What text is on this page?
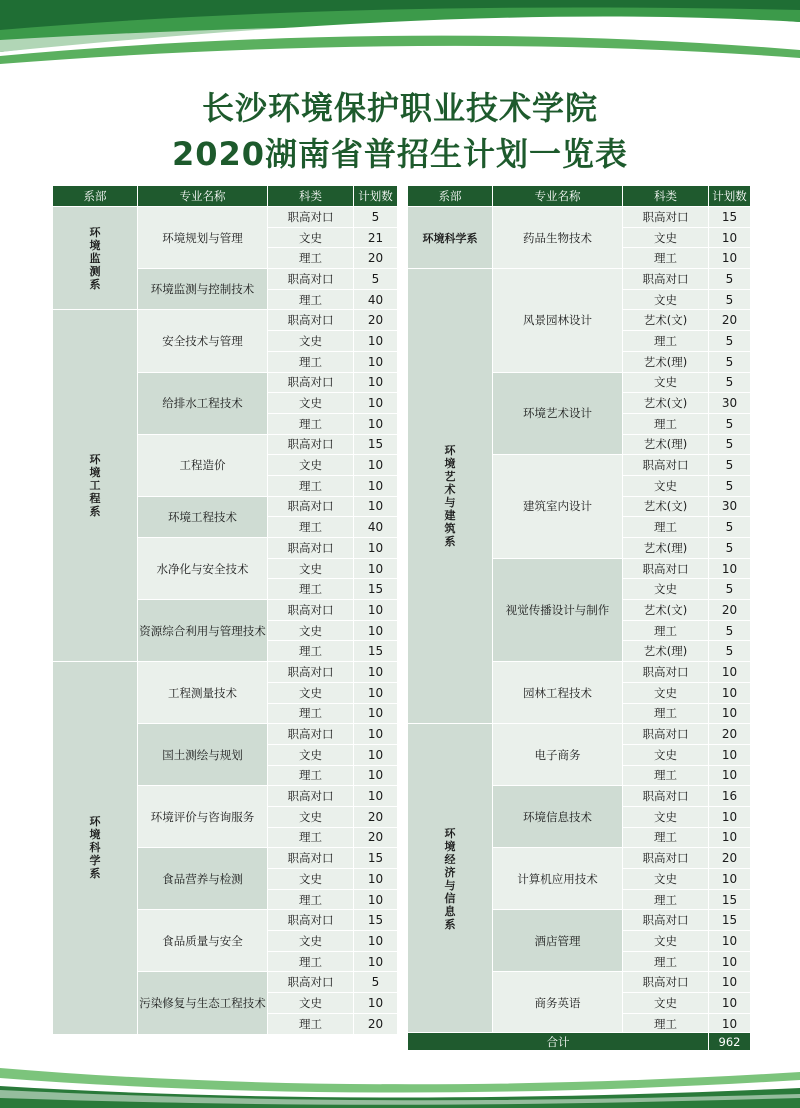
长沙环境保护职业技术学院
2020湖南省普招生计划一览表
系部	专业名称	科类	计划数
环境监测系	环境规划与管理	职高对口	5
		文史	21
		理工	20
	环境监测与控制技术	职高对口	5
		理工	40
环境工程系	安全技术与管理	职高对口	20
		文史	10
		理工	10
	给排水工程技术	职高对口	10
		文史	10
		理工	10
	工程造价	职高对口	15
		文史	10
		理工	10
	环境工程技术	职高对口	10
		理工	40
	水净化与安全技术	职高对口	10
		文史	10
		理工	15
	资源综合利用与管理技术	职高对口	10
		文史	10
		理工	15
环境科学系	工程测量技术	职高对口	10
		文史	10
		理工	10
	国土测绘与规划	职高对口	10
		文史	10
		理工	10
	环境评价与咨询服务	职高对口	10
		文史	20
		理工	20
	食品营养与检测	职高对口	15
		文史	10
		理工	10
	食品质量与安全	职高对口	15
		文史	10
		理工	10
	污染修复与生态工程技术	职高对口	5
		文史	10
		理工	20
系部	专业名称	科类	计划数
环境科学系	药品生物技术	职高对口	15
		文史	10
		理工	10
环境艺术与建筑系	风景园林设计	职高对口	5
		文史	5
		艺术(文)	20
		理工	5
		艺术(理)	5
	环境艺术设计	文史	5
		艺术(文)	30
		理工	5
		艺术(理)	5
	建筑室内设计	职高对口	5
		文史	5
		艺术(文)	30
		理工	5
		艺术(理)	5
	视觉传播设计与制作	职高对口	10
		文史	5
		艺术(文)	20
		理工	5
		艺术(理)	5
	园林工程技术	职高对口	10
		文史	10
		理工	10
环境经济与信息系	电子商务	职高对口	20
		文史	10
		理工	10
	环境信息技术	职高对口	16
		文史	10
		理工	10
	计算机应用技术	职高对口	20
		文史	10
		理工	15
	酒店管理	职高对口	15
		文史	10
		理工	10
	商务英语	职高对口	10
		文史	10
		理工	10
合计	962
